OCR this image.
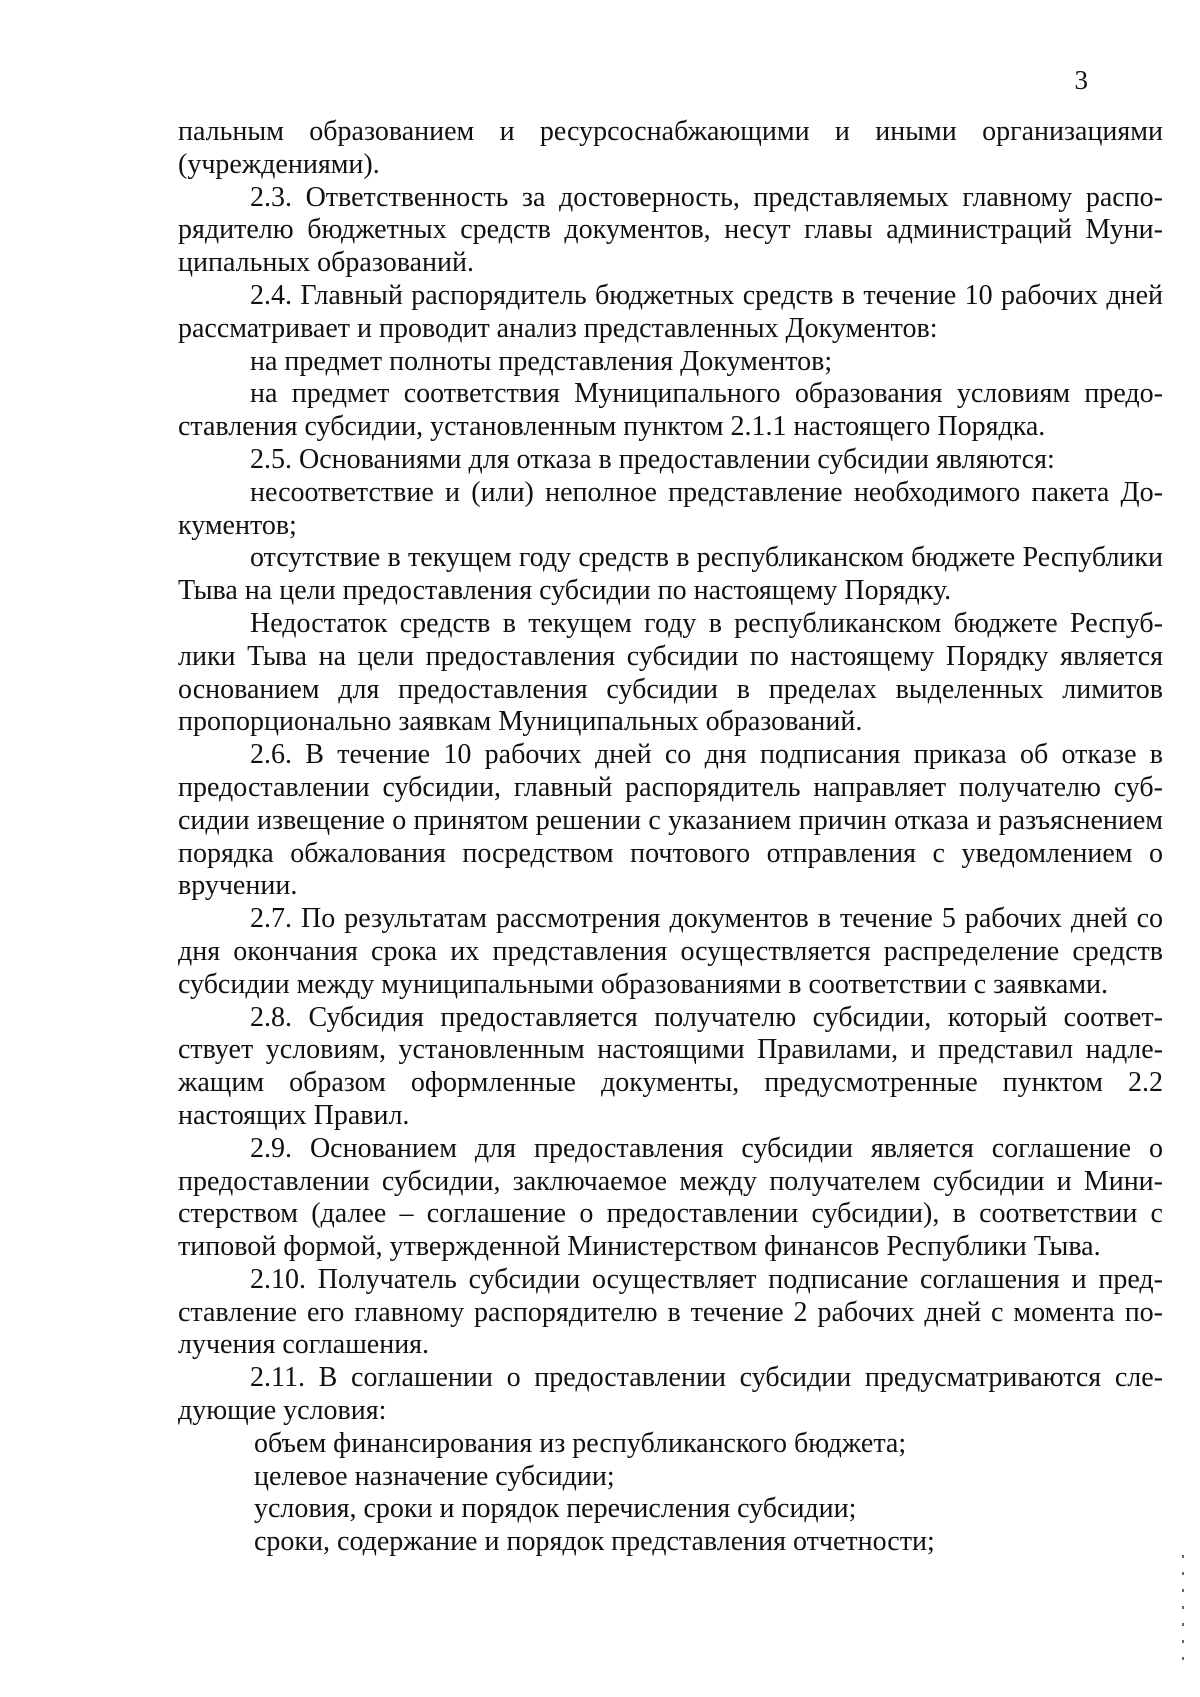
3

пальным образованием и ресурсоснабжающими и иными организациями (учреждениями).

2.3. Ответственность за достоверность, представляемых главному распорядителю бюджетных средств документов, несут главы администраций Муниципальных образований.

2.4. Главный распорядитель бюджетных средств в течение 10 рабочих дней рассматривает и проводит анализ представленных Документов:

на предмет полноты представления Документов;

на предмет соответствия Муниципального образования условиям предоставления субсидии, установленным пунктом 2.1.1 настоящего Порядка.

2.5. Основаниями для отказа в предоставлении субсидии являются:

несоответствие и (или) неполное представление необходимого пакета Документов;

отсутствие в текущем году средств в республиканском бюджете Республики Тыва на цели предоставления субсидии по настоящему Порядку.

Недостаток средств в текущем году в республиканском бюджете Республики Тыва на цели предоставления субсидии по настоящему Порядку является основанием для предоставления субсидии в пределах выделенных лимитов пропорционально заявкам Муниципальных образований.

2.6. В течение 10 рабочих дней со дня подписания приказа об отказе в предоставлении субсидии, главный распорядитель направляет получателю субсидии извещение о принятом решении с указанием причин отказа и разъяснением порядка обжалования посредством почтового отправления с уведомлением о вручении.

2.7. По результатам рассмотрения документов в течение 5 рабочих дней со дня окончания срока их представления осуществляется распределение средств субсидии между муниципальными образованиями в соответствии с заявками.

2.8. Субсидия предоставляется получателю субсидии, который соответствует условиям, установленным настоящими Правилами, и представил надлежащим образом оформленные документы, предусмотренные пунктом 2.2 настоящих Правил.

2.9. Основанием для предоставления субсидии является соглашение о предоставлении субсидии, заключаемое между получателем субсидии и Министерством (далее – соглашение о предоставлении субсидии), в соответствии с типовой формой, утвержденной Министерством финансов Республики Тыва.

2.10. Получатель субсидии осуществляет подписание соглашения и представление его главному распорядителю в течение 2 рабочих дней с момента получения соглашения.

2.11. В соглашении о предоставлении субсидии предусматриваются следующие условия:

объем финансирования из республиканского бюджета;

целевое назначение субсидии;

условия, сроки и порядок перечисления субсидии;

сроки, содержание и порядок представления отчетности;
